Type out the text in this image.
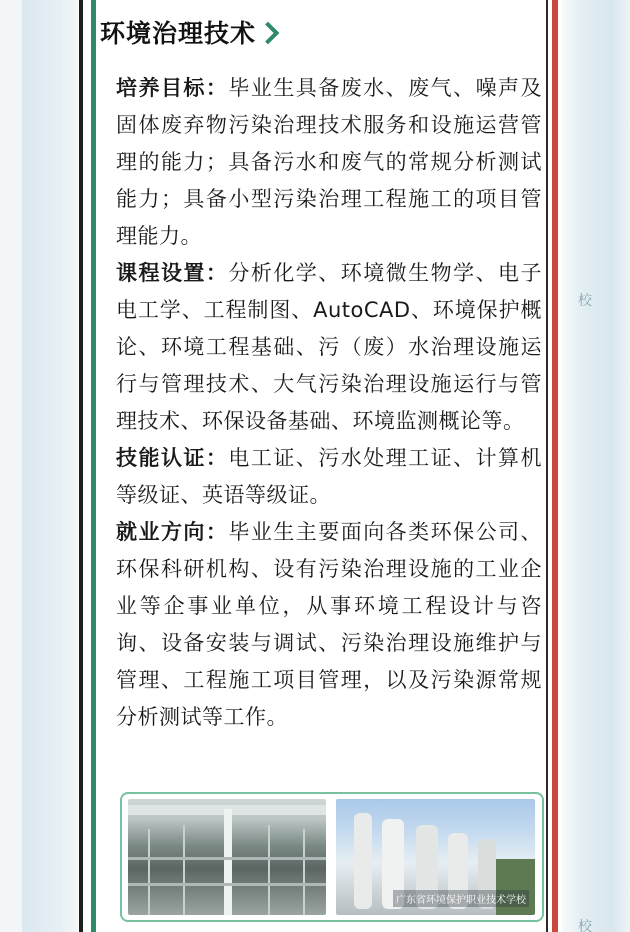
校
校
环境治理技术

培养目标：毕业生具备废水、废气、噪声及固体废弃物污染治理技术服务和设施运营管理的能力；具备污水和废气的常规分析测试能力；具备小型污染治理工程施工的项目管理能力。

课程设置：分析化学、环境微生物学、电子电工学、工程制图、AutoCAD、环境保护概论、环境工程基础、污（废）水治理设施运行与管理技术、大气污染治理设施运行与管理技术、环保设备基础、环境监测概论等。

技能认证：电工证、污水处理工证、计算机等级证、英语等级证。

就业方向：毕业生主要面向各类环保公司、环保科研机构、设有污染治理设施的工业企业等企事业单位，从事环境工程设计与咨询、设备安装与调试、污染治理设施维护与管理、工程施工项目管理，以及污染源常规分析测试等工作。

广东省环境保护职业技术学校
